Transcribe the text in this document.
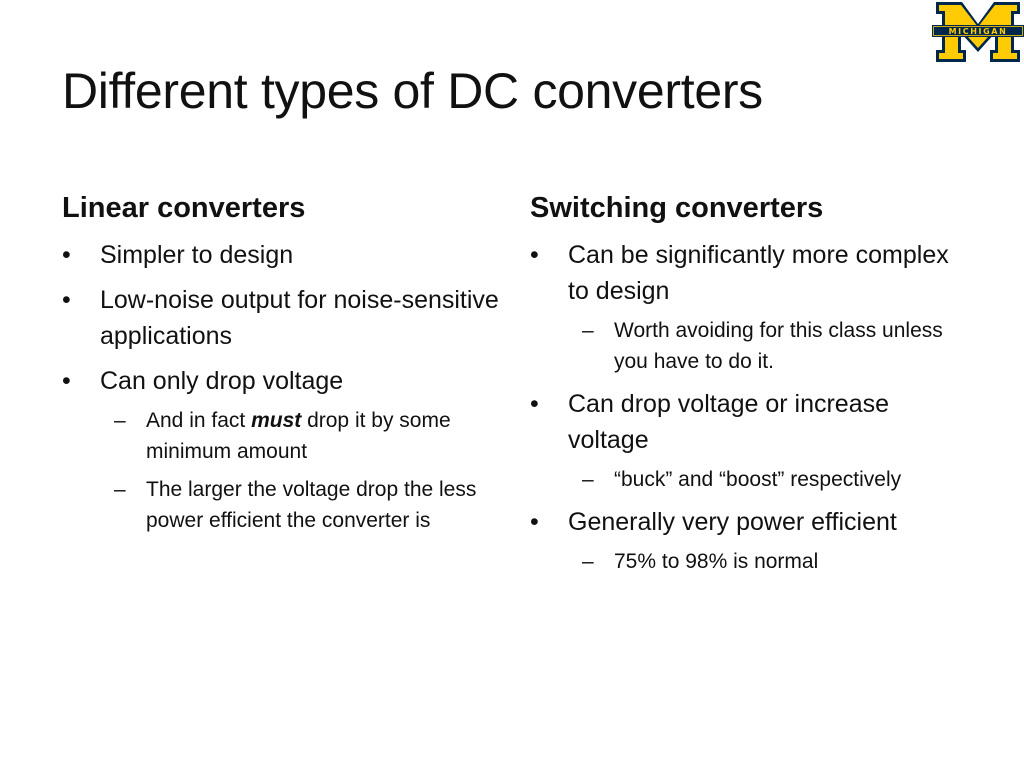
MICHIGAN
Different types of DC converters
Linear converters
• Simpler to design
• Low-noise output for noise-sensitive applications
• Can only drop voltage
– And in fact must drop it by some minimum amount
– The larger the voltage drop the less power efficient the converter is
Switching converters
• Can be significantly more complex to design
– Worth avoiding for this class unless you have to do it.
• Can drop voltage or increase voltage
– “buck” and “boost” respectively
• Generally very power efficient
– 75% to 98% is normal
